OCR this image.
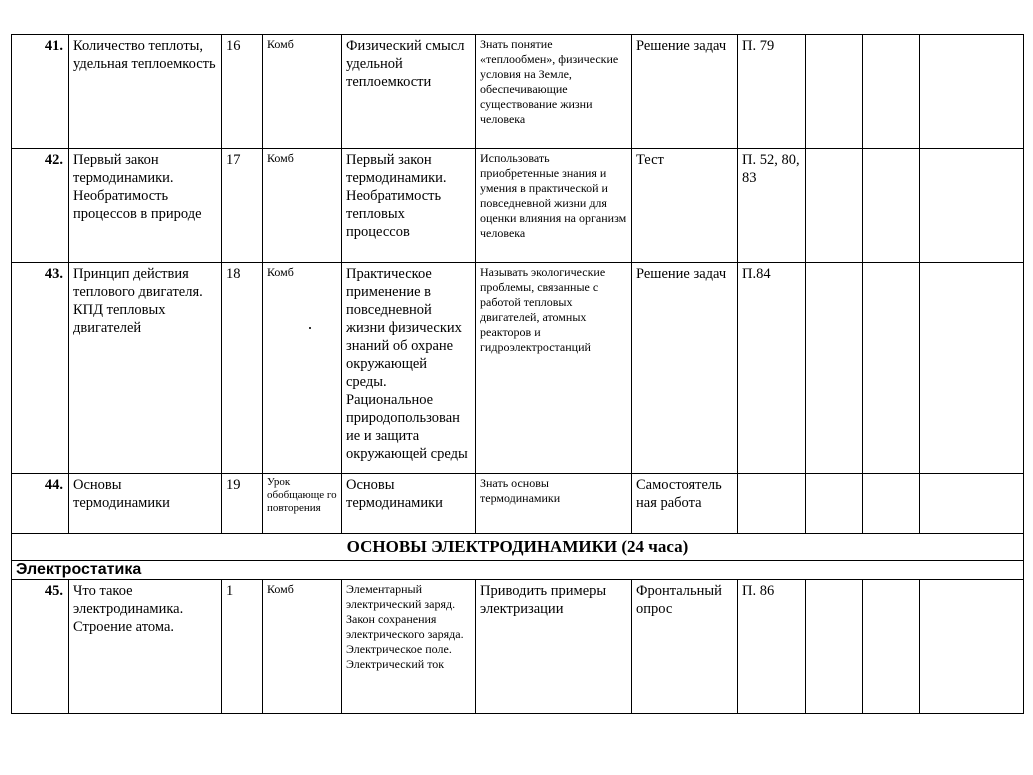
41.	Количество теплоты, удельная теплоемкость	16	Комб	Физический смысл удельной теплоемкости	Знать понятие «теплообмен», физические условия на Земле, обеспечивающие существование жизни человека	Решение задач	П. 79			
42.	Первый закон термодинамики. Необратимость процессов в природе	17	Комб	Первый закон термодинамики. Необратимость тепловых процессов	Использовать приобретенные знания и умения в практической и повседневной жизни для оценки влияния на организм человека	Тест	П. 52, 80, 83			
43.	Принцип действия теплового двигателя. КПД тепловых двигателей	18	Комб	Практическое применение в повседневной жизни физических знаний об охране окружающей среды. Рациональное природопользован ие и защита окружающей среды	Называть экологические проблемы, связанные с работой тепловых двигателей, атомных реакторов и гидроэлектростанций	Решение задач	П.84			
44.	Основы термодинамики	19	Урок обобщающе го повторения	Основы термодинамики	Знать основы термодинамики	Самостоятель ная работа				
ОСНОВЫ ЭЛЕКТРОДИНАМИКИ (24 часа)										
Электростатика										
45.	Что такое электродинамика. Строение атома.	1	Комб	Элементарный электрический заряд. Закон сохранения электрического заряда. Электрическое поле. Электрический ток	Приводить примеры электризации	Фронтальный опрос	П. 86			
